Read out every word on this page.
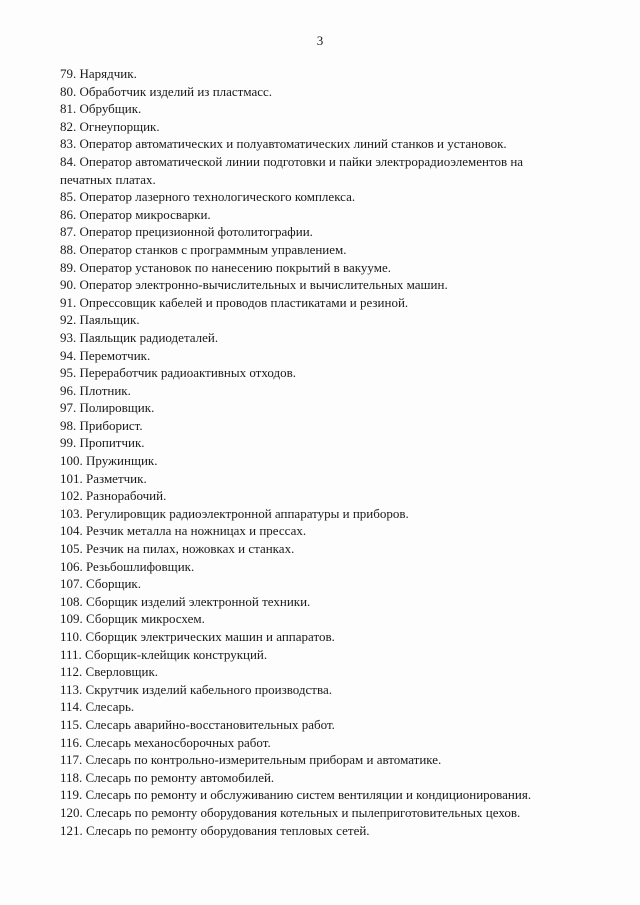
3
79. Нарядчик.
80. Обработчик изделий из пластмасс.
81. Обрубщик.
82. Огнеупорщик.
83. Оператор автоматических и полуавтоматических линий станков и установок.
84. Оператор автоматической линии подготовки и пайки электрорадиоэлементов на печатных платах.
85. Оператор лазерного технологического комплекса.
86. Оператор микросварки.
87. Оператор прецизионной фотолитографии.
88. Оператор станков с программным управлением.
89. Оператор установок по нанесению покрытий в вакууме.
90. Оператор электронно-вычислительных и вычислительных машин.
91. Опрессовщик кабелей и проводов пластикатами и резиной.
92. Паяльщик.
93. Паяльщик радиодеталей.
94. Перемотчик.
95. Переработчик радиоактивных отходов.
96. Плотник.
97. Полировщик.
98. Приборист.
99. Пропитчик.
100. Пружинщик.
101. Разметчик.
102. Разнорабочий.
103. Регулировщик радиоэлектронной аппаратуры и приборов.
104. Резчик металла на ножницах и прессах.
105. Резчик на пилах, ножовках и станках.
106. Резьбошлифовщик.
107. Сборщик.
108. Сборщик изделий электронной техники.
109. Сборщик микросхем.
110. Сборщик электрических машин и аппаратов.
111. Сборщик-клейщик конструкций.
112. Сверловщик.
113. Скрутчик изделий кабельного производства.
114. Слесарь.
115. Слесарь аварийно-восстановительных работ.
116. Слесарь механосборочных работ.
117. Слесарь по контрольно-измерительным приборам и автоматике.
118. Слесарь по ремонту автомобилей.
119. Слесарь по ремонту и обслуживанию систем вентиляции и кондиционирования.
120. Слесарь по ремонту оборудования котельных и пылеприготовительных цехов.
121. Слесарь по ремонту оборудования тепловых сетей.
